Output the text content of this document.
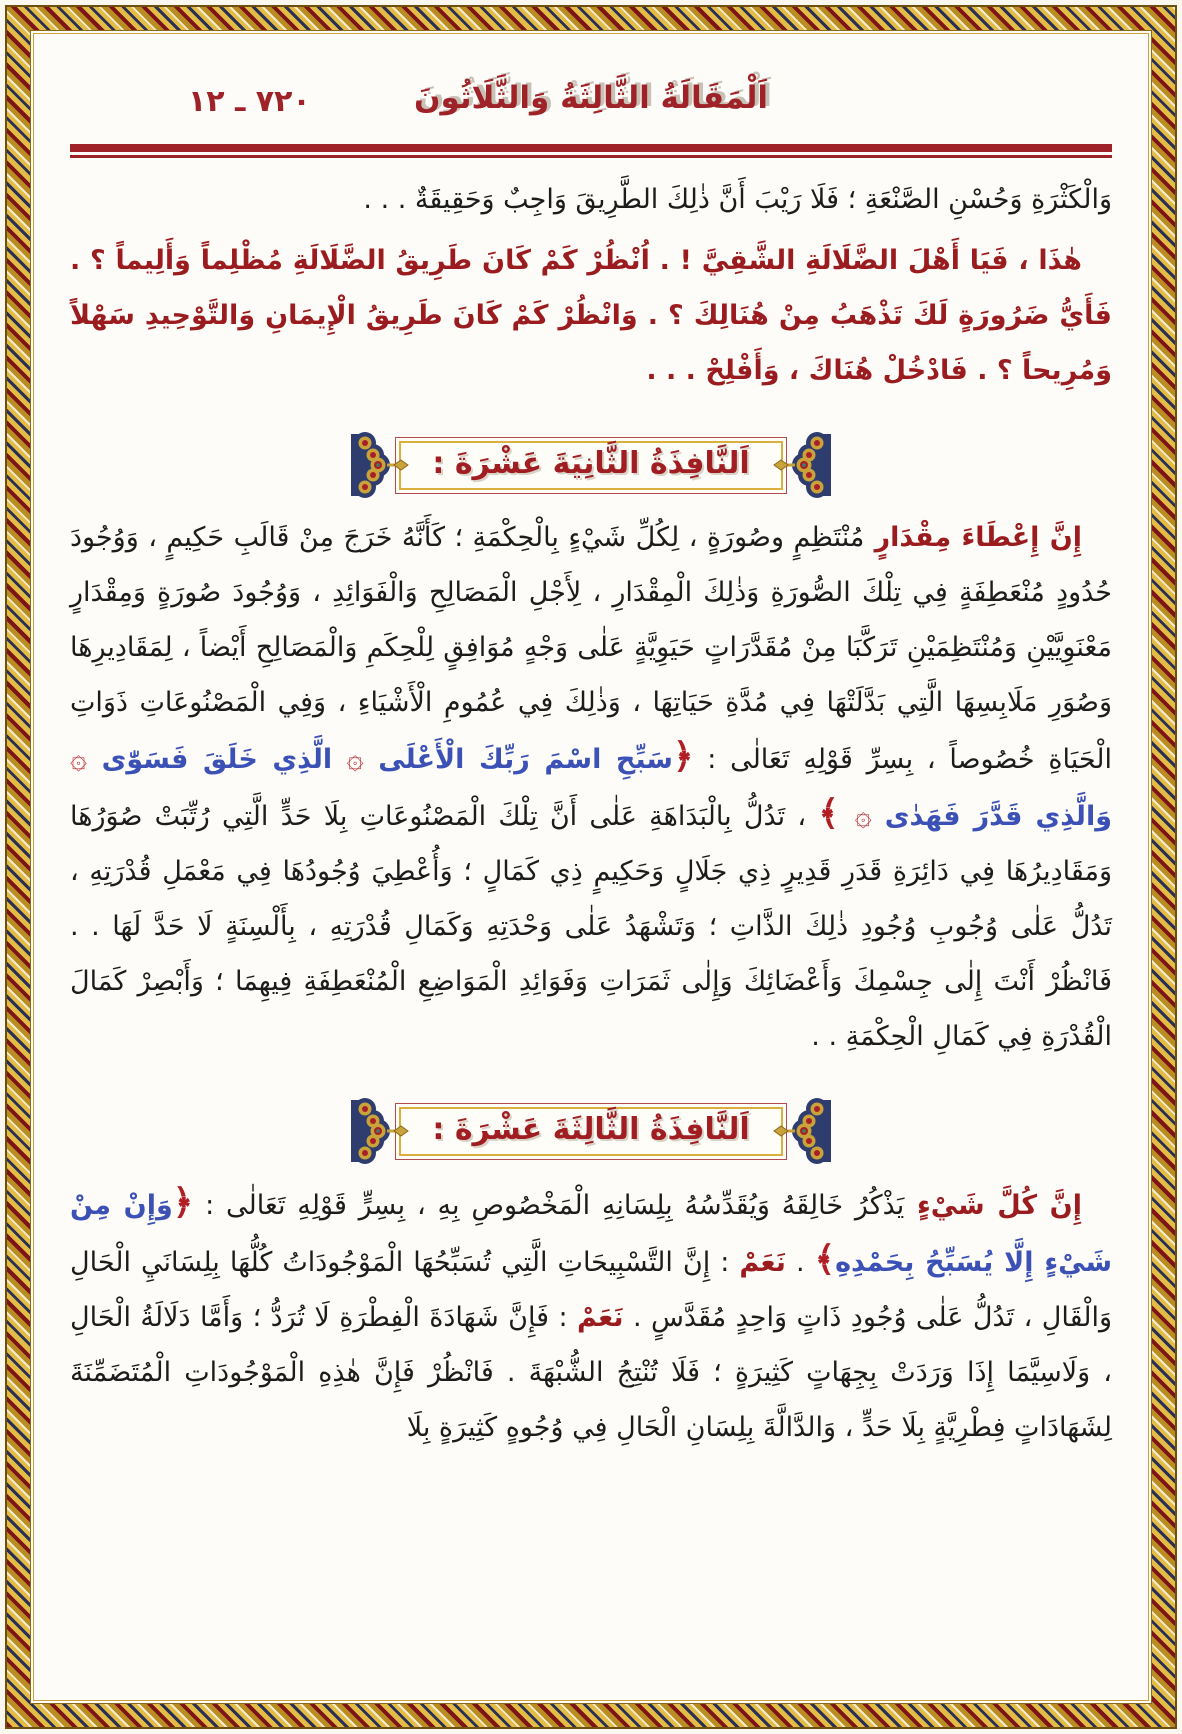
اَلْمَقَالَةُ الثَّالِثَةُ وَالثَّلَاثُونَ
٧٢٠ ـ ١٢

وَالْكَثْرَةِ وَحُسْنِ الصَّنْعَةِ ؛ فَلَا رَيْبَ أَنَّ ذٰلِكَ الطَّرِيقَ وَاجِبٌ وَحَقِيقَةٌ . . .

هٰذَا ، فَيَا أَهْلَ الضَّلَالَةِ الشَّقِيَّ ! . اُنْظُرْ كَمْ كَانَ طَرِيقُ الضَّلَالَةِ مُظْلِماً وَأَلِيماً ؟ . فَأَيُّ ضَرُورَةٍ لَكَ تَذْهَبُ مِنْ هُنَالِكَ ؟ . وَانْظُرْ كَمْ كَانَ طَرِيقُ الْإِيمَانِ وَالتَّوْحِيدِ سَهْلاً وَمُرِيحاً ؟ . فَادْخُلْ هُنَاكَ ، وَأَفْلِحْ . . .

اَلنَّافِذَةُ الثَّانِيَةَ عَشْرَةَ :

إِنَّ إِعْطَاءَ مِقْدَارٍ مُنْتَظِمٍ وصُورَةٍ ، لِكُلِّ شَيْءٍ بِالْحِكْمَةِ ؛ كَأَنَّهُ خَرَجَ مِنْ قَالَبِ حَكِيمٍ ، وَوُجُودَ حُدُودٍ مُنْعَطِفَةٍ فِي تِلْكَ الصُّورَةِ وَذٰلِكَ الْمِقْدَارِ ، لِأَجْلِ الْمَصَالِحِ وَالْفَوَائِدِ ، وَوُجُودَ صُورَةٍ وَمِقْدَارٍ مَعْنَوِيَّيْنِ وَمُنْتَظِمَيْنِ تَرَكَّبَا مِنْ مُقَدَّرَاتٍ حَيَوِيَّةٍ عَلٰى وَجْهٍ مُوَافِقٍ لِلْحِكَمِ وَالْمَصَالِحِ أَيْضاً ، لِمَقَادِيرِهَا وَصُوَرِ مَلَابِسِهَا الَّتِي بَدَّلَتْهَا فِي مُدَّةِ حَيَاتِهَا ، وَذٰلِكَ فِي عُمُومِ الْأَشْيَاءِ ، وَفِي الْمَصْنُوعَاتِ ذَوَاتِ الْحَيَاةِ خُصُوصاً ، بِسِرِّ قَوْلِهِ تَعَالٰى : ﴿سَبِّحِ اسْمَ رَبِّكَ الْأَعْلَى ۞ الَّذِي خَلَقَ فَسَوّٰى ۞ وَالَّذِي قَدَّرَ فَهَدٰى ۞ ﴾ ، تَدُلُّ بِالْبَدَاهَةِ عَلٰى أَنَّ تِلْكَ الْمَصْنُوعَاتِ بِلَا حَدٍّ الَّتِي رُتِّبَتْ صُوَرُهَا وَمَقَادِيرُهَا فِي دَائِرَةِ قَدَرِ قَدِيرٍ ذِي جَلَالٍ وَحَكِيمٍ ذِي كَمَالٍ ؛ وَأُعْطِيَ وُجُودُهَا فِي مَعْمَلِ قُدْرَتِهِ ، تَدُلُّ عَلٰى وُجُوبِ وُجُودِ ذٰلِكَ الذَّاتِ ؛ وَتَشْهَدُ عَلٰى وَحْدَتِهِ وَكَمَالِ قُدْرَتِهِ ، بِأَلْسِنَةٍ لَا حَدَّ لَهَا . . فَانْظُرْ أَنْتَ إِلٰى جِسْمِكَ وَأَعْضَائِكَ وَإِلٰى ثَمَرَاتِ وَفَوَائِدِ الْمَوَاضِعِ الْمُنْعَطِفَةِ فِيهِمَا ؛ وَأَبْصِرْ كَمَالَ الْقُدْرَةِ فِي كَمَالِ الْحِكْمَةِ . .

اَلنَّافِذَةُ الثَّالِثَةَ عَشْرَةَ :

إِنَّ كُلَّ شَيْءٍ يَذْكُرُ خَالِقَهُ وَيُقَدِّسُهُ بِلِسَانِهِ الْمَخْصُوصِ بِهِ ، بِسِرٍّ قَوْلِهِ تَعَالٰى : ﴿وَإِنْ مِنْ شَيْءٍ إِلَّا يُسَبِّحُ بِحَمْدِهِ﴾ . نَعَمْ : إِنَّ التَّسْبِيحَاتِ الَّتِي تُسَبِّحُهَا الْمَوْجُودَاتُ كُلُّهَا بِلِسَانَيِ الْحَالِ وَالْقَالِ ، تَدُلُّ عَلٰى وُجُودِ ذَاتٍ وَاحِدٍ مُقَدَّسٍ . نَعَمْ : فَإِنَّ شَهَادَةَ الْفِطْرَةِ لَا تُرَدُّ ؛ وَأَمَّا دَلَالَةُ الْحَالِ ، وَلَاسِيَّمَا إِذَا وَرَدَتْ بِجِهَاتٍ كَثِيرَةٍ ؛ فَلَا تُنْتِجُ الشُّبْهَةَ . فَانْظُرْ فَإِنَّ هٰذِهِ الْمَوْجُودَاتِ الْمُتَضَمِّنَةَ لِشَهَادَاتٍ فِطْرِيَّةٍ بِلَا حَدٍّ ، وَالدَّالَّةَ بِلِسَانِ الْحَالِ فِي وُجُوهٍ كَثِيرَةٍ بِلَا
